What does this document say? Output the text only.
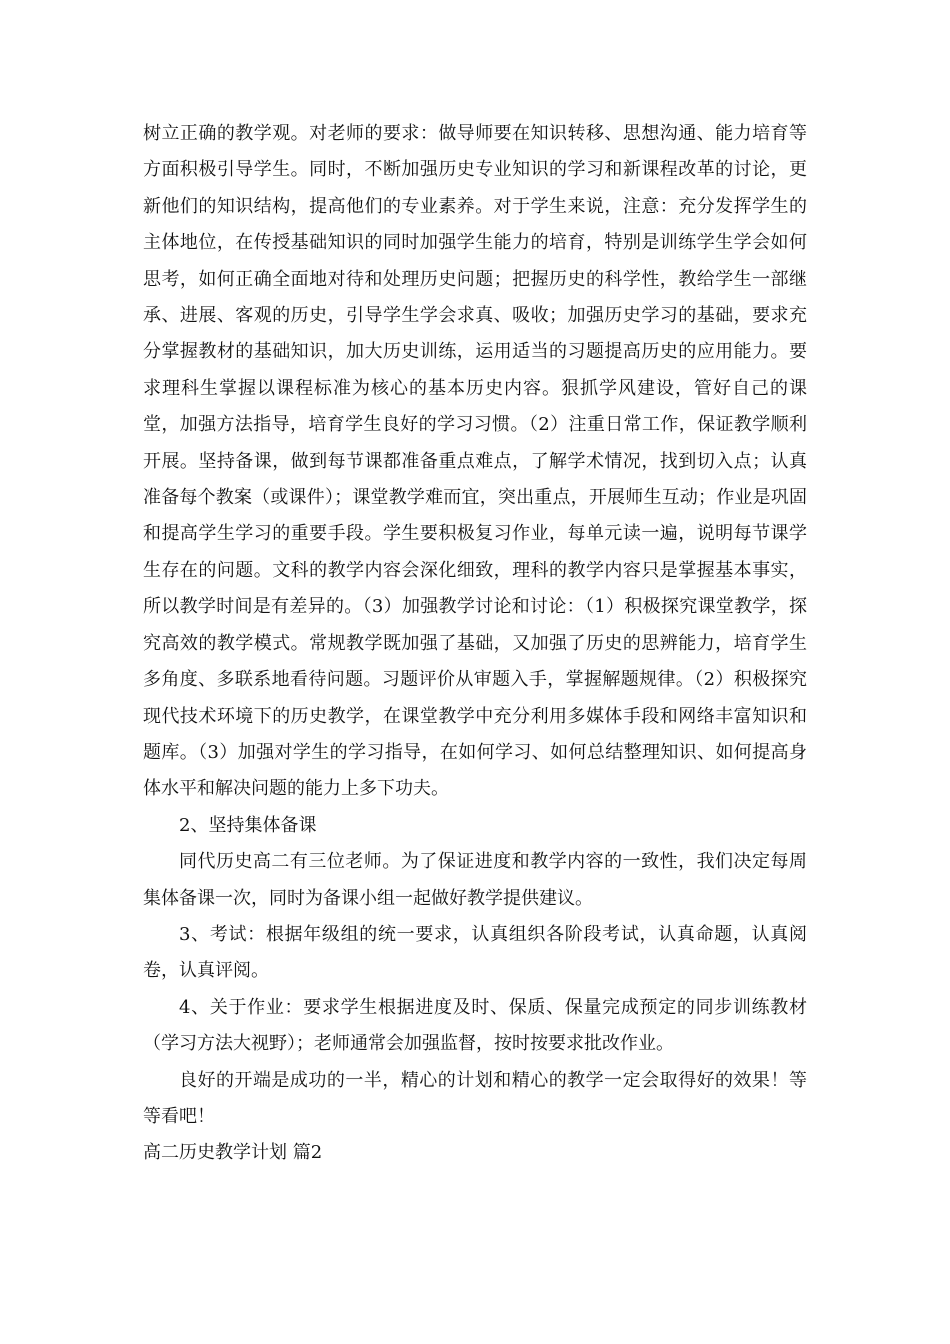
树立正确的教学观。对老师的要求：做导师要在知识转移、思想沟通、能力培育等方面积极引导学生。同时，不断加强历史专业知识的学习和新课程改革的讨论，更新他们的知识结构，提高他们的专业素养。对于学生来说，注意：充分发挥学生的主体地位，在传授基础知识的同时加强学生能力的培育，特别是训练学生学会如何思考，如何正确全面地对待和处理历史问题；把握历史的科学性，教给学生一部继承、进展、客观的历史，引导学生学会求真、吸收；加强历史学习的基础，要求充分掌握教材的基础知识，加大历史训练，运用适当的习题提高历史的应用能力。要求理科生掌握以课程标准为核心的基本历史内容。狠抓学风建设，管好自己的课堂，加强方法指导，培育学生良好的学习习惯。（2）注重日常工作，保证教学顺利开展。坚持备课，做到每节课都准备重点难点，了解学术情况，找到切入点；认真准备每个教案（或课件）；课堂教学难而宜，突出重点，开展师生互动；作业是巩固和提高学生学习的重要手段。学生要积极复习作业，每单元读一遍，说明每节课学生存在的问题。文科的教学内容会深化细致，理科的教学内容只是掌握基本事实，所以教学时间是有差异的。（3）加强教学讨论和讨论：（1）积极探究课堂教学，探究高效的教学模式。常规教学既加强了基础，又加强了历史的思辨能力，培育学生多角度、多联系地看待问题。习题评价从审题入手，掌握解题规律。（2）积极探究现代技术环境下的历史教学，在课堂教学中充分利用多媒体手段和网络丰富知识和题库。（3）加强对学生的学习指导，在如何学习、如何总结整理知识、如何提高身体水平和解决问题的能力上多下功夫。

2、坚持集体备课

同代历史高二有三位老师。为了保证进度和教学内容的一致性，我们决定每周集体备课一次，同时为备课小组一起做好教学提供建议。

3、考试：根据年级组的统一要求，认真组织各阶段考试，认真命题，认真阅卷，认真评阅。

4、关于作业：要求学生根据进度及时、保质、保量完成预定的同步训练教材（学习方法大视野）；老师通常会加强监督，按时按要求批改作业。

良好的开端是成功的一半，精心的计划和精心的教学一定会取得好的效果！等等看吧！

高二历史教学计划 篇2
